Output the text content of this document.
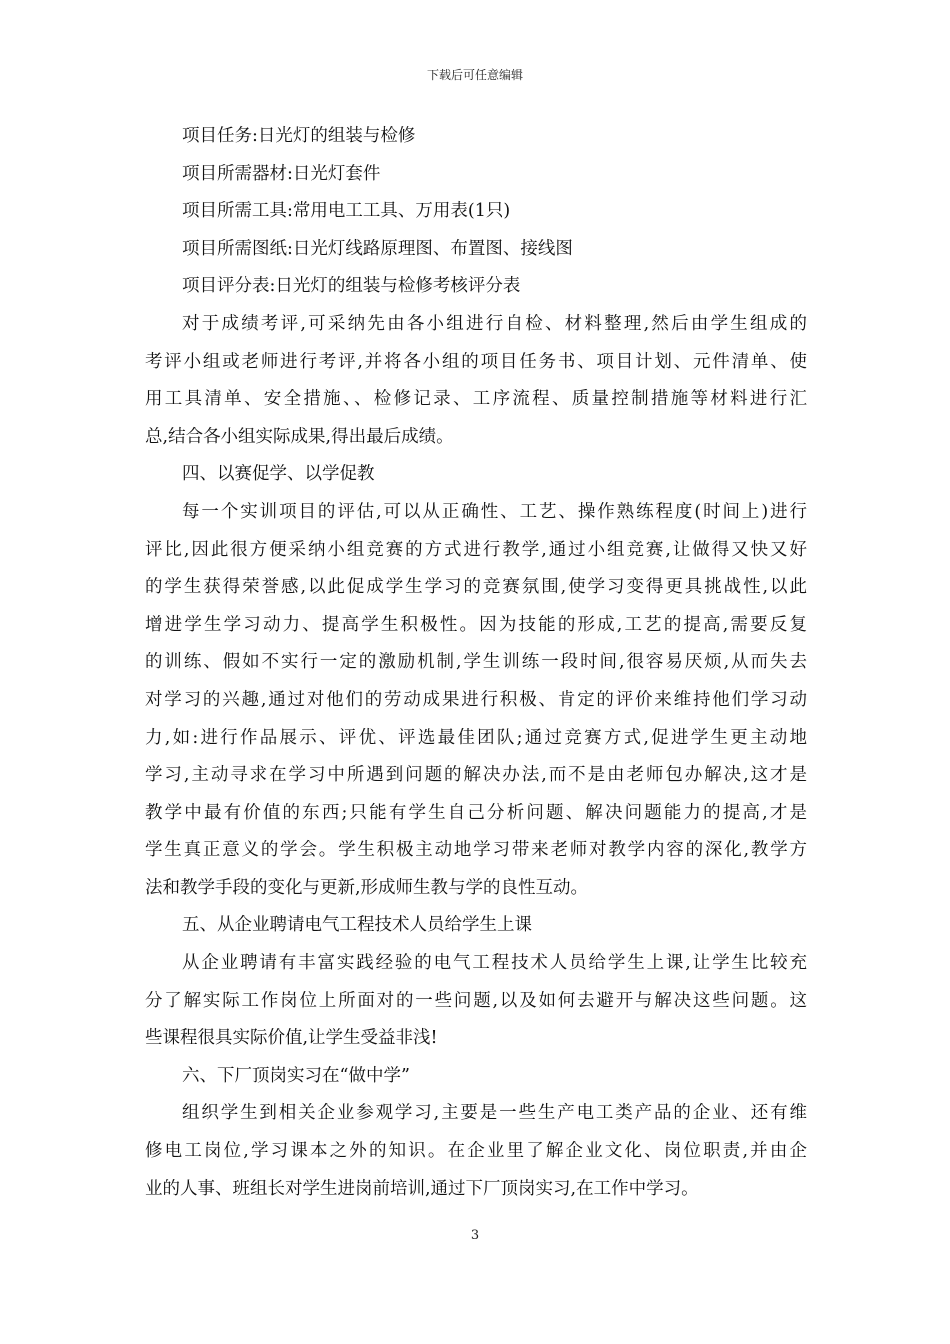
下载后可任意编辑
项目任务:日光灯的组装与检修
项目所需器材:日光灯套件
项目所需工具:常用电工工具、万用表(1只)
项目所需图纸:日光灯线路原理图、布置图、接线图
项目评分表:日光灯的组装与检修考核评分表
对于成绩考评,可采纳先由各小组进行自检、材料整理,然后由学生组成的
考评小组或老师进行考评,并将各小组的项目任务书、项目计划、元件清单、使
用工具清单、安全措施、、检修记录、工序流程、质量控制措施等材料进行汇
总,结合各小组实际成果,得出最后成绩。
四、以赛促学、以学促教
每一个实训项目的评估,可以从正确性、工艺、操作熟练程度(时间上)进行
评比,因此很方便采纳小组竞赛的方式进行教学,通过小组竞赛,让做得又快又好
的学生获得荣誉感,以此促成学生学习的竞赛氛围,使学习变得更具挑战性,以此
增进学生学习动力、提高学生积极性。因为技能的形成,工艺的提高,需要反复
的训练、假如不实行一定的激励机制,学生训练一段时间,很容易厌烦,从而失去
对学习的兴趣,通过对他们的劳动成果进行积极、肯定的评价来维持他们学习动
力,如:进行作品展示、评优、评选最佳团队;通过竞赛方式,促进学生更主动地
学习,主动寻求在学习中所遇到问题的解决办法,而不是由老师包办解决,这才是
教学中最有价值的东西;只能有学生自己分析问题、解决问题能力的提高,才是
学生真正意义的学会。学生积极主动地学习带来老师对教学内容的深化,教学方
法和教学手段的变化与更新,形成师生教与学的良性互动。
五、从企业聘请电气工程技术人员给学生上课
从企业聘请有丰富实践经验的电气工程技术人员给学生上课,让学生比较充
分了解实际工作岗位上所面对的一些问题,以及如何去避开与解决这些问题。这
些课程很具实际价值,让学生受益非浅!
六、下厂顶岗实习在“做中学”
组织学生到相关企业参观学习,主要是一些生产电工类产品的企业、还有维
修电工岗位,学习课本之外的知识。在企业里了解企业文化、岗位职责,并由企
业的人事、班组长对学生进岗前培训,通过下厂顶岗实习,在工作中学习。
3
